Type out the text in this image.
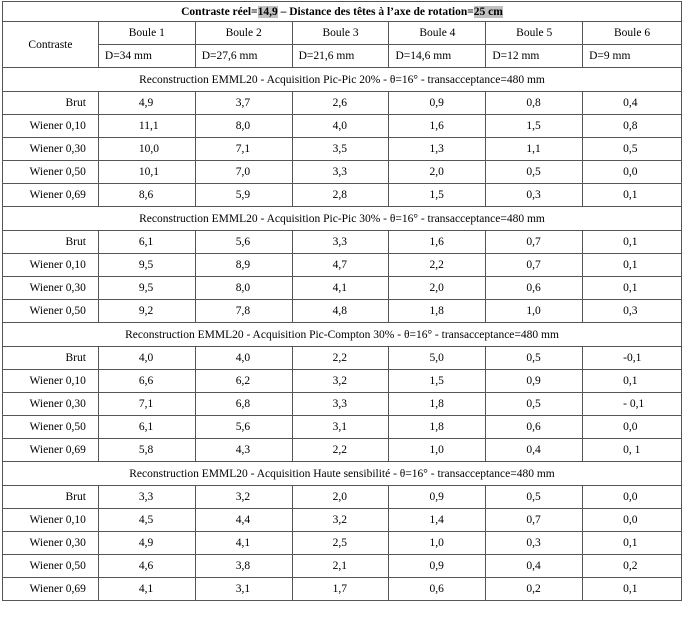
Contraste réel=14,9 – Distance des têtes à l’axe de rotation=25 cm						
Contraste	Boule 1	Boule 2	Boule 3	Boule 4	Boule 5	Boule 6
	D=34 mm	D=27,6 mm	D=21,6 mm	D=14,6 mm	D=12 mm	D=9 mm
Reconstruction EMML20 - Acquisition Pic-Pic 20% - θ=16° - transacceptance=480 mm						
Brut	4,9	3,7	2,6	0,9	0,8	0,4
Wiener 0,10	11,1	8,0	4,0	1,6	1,5	0,8
Wiener 0,30	10,0	7,1	3,5	1,3	1,1	0,5
Wiener 0,50	10,1	7,0	3,3	2,0	0,5	0,0
Wiener 0,69	8,6	5,9	2,8	1,5	0,3	0,1
Reconstruction EMML20 - Acquisition Pic-Pic 30% - θ=16° - transacceptance=480 mm						
Brut	6,1	5,6	3,3	1,6	0,7	0,1
Wiener 0,10	9,5	8,9	4,7	2,2	0,7	0,1
Wiener 0,30	9,5	8,0	4,1	2,0	0,6	0,1
Wiener 0,50	9,2	7,8	4,8	1,8	1,0	0,3
Reconstruction EMML20 - Acquisition Pic-Compton 30% - θ=16° - transacceptance=480 mm						
Brut	4,0	4,0	2,2	5,0	0,5	-0,1
Wiener 0,10	6,6	6,2	3,2	1,5	0,9	0,1
Wiener 0,30	7,1	6,8	3,3	1,8	0,5	- 0,1
Wiener 0,50	6,1	5,6	3,1	1,8	0,6	0,0
Wiener 0,69	5,8	4,3	2,2	1,0	0,4	0, 1
Reconstruction EMML20 - Acquisition Haute sensibilité - θ=16° - transacceptance=480 mm						
Brut	3,3	3,2	2,0	0,9	0,5	0,0
Wiener 0,10	4,5	4,4	3,2	1,4	0,7	0,0
Wiener 0,30	4,9	4,1	2,5	1,0	0,3	0,1
Wiener 0,50	4,6	3,8	2,1	0,9	0,4	0,2
Wiener 0,69	4,1	3,1	1,7	0,6	0,2	0,1
